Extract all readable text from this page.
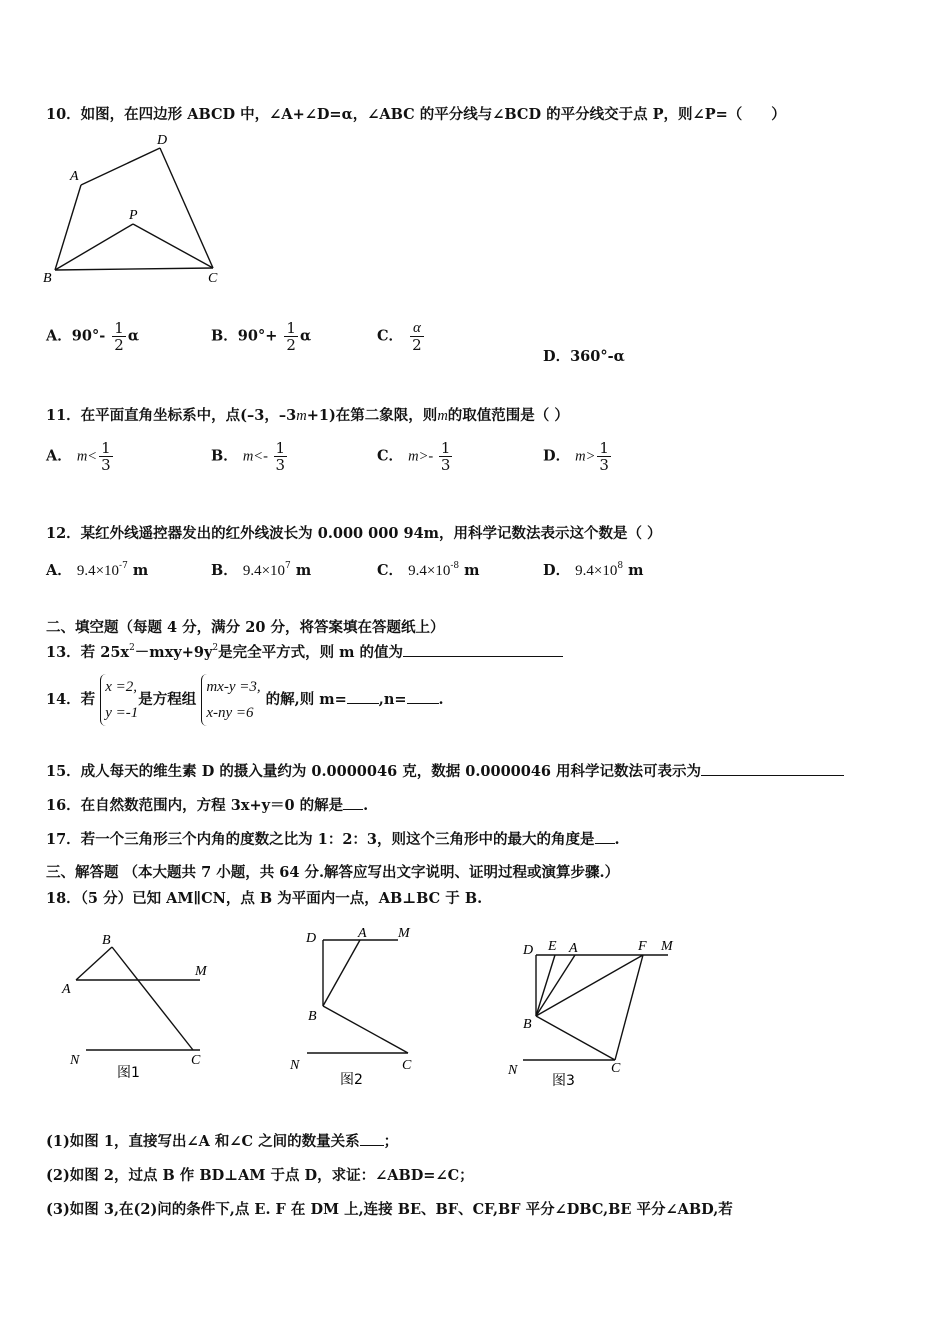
10．如图，在四边形 ABCD 中，∠A+∠D=α，∠ABC 的平分线与∠BCD 的平分线交于点 P，则∠P=（　　）
A
D
P
B	C
A．$90^\circ- \frac{1}{2}$ α	B．$90^\circ+ \frac{1}{2}$ α	C． $\frac{\alpha}{2}$
D．360°-α
11．在平面直角坐标系中，点(–3，–3m+1)在第二象限，则m的取值范围是（ ）
A． $m< \frac{1}{3}$	B． $m<- \frac{1}{3}$	C． $m>- \frac{1}{3}$	D． $m> \frac{1}{3}$
12．某红外线遥控器发出的红外线波长为 0.000 000 94m，用科学记数法表示这个数是（ ）
A． $9.4\times 10^{-7}$ m	B． $9.4\times 10^7$ m	C． $9.4\times 10^{-8}$ m	D． $9.4\times 10^8$ m
二、填空题（每题 4 分，满分 20 分，将答案填在答题纸上）
13．若 $25x^2-mxy+9y^2$是完全平方式，则 m 的值为
14．若
x =2,
y =-1
是方程组
mx-y =3,
x-ny =6
的解,则 m= ,n= .
15．成人每天的维生素 D 的摄入量约为 0.0000046 克，数据 0.0000046 用科学记数法可表示为
16．在自然数范围内，方程 3x+y＝0 的解是 .
17．若一个三角形三个内角的度数之比为 1：2：3，则这个三角形中的最大的角度是 .
三、解答题 （本大题共 7 小题，共 64 分.解答应写出文字说明、证明过程或演算步骤.）
18．（5 分）已知 AM∥CN，点 B 为平面内一点，AB⊥BC 于 B.
B
A
M
N	C
图1
D	A M
B
N	C
图2
D E A	F M
B
N	C
图3
(1)如图 1，直接写出∠A 和∠C 之间的数量关系 ；
(2)如图 2，过点 B 作 BD⊥AM 于点 D，求证：∠ABD=∠C；
(3)如图 3,在(2)问的条件下,点 E. F 在 DM 上,连接 BE、BF、CF,BF 平分∠DBC,BE 平分∠ABD,若
